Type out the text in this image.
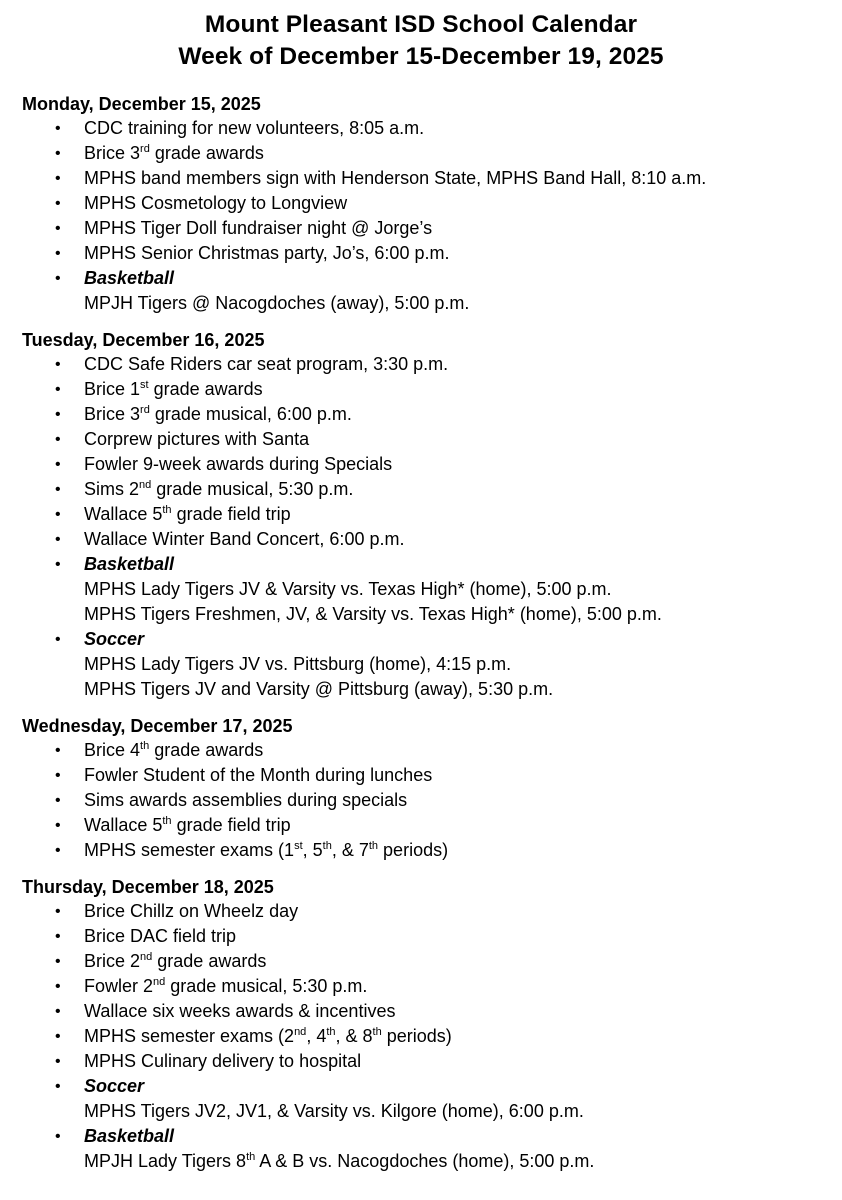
Mount Pleasant ISD School Calendar
Week of December 15-December 19, 2025
Monday, December 15, 2025
• CDC training for new volunteers, 8:05 a.m.
• Brice 3rd grade awards
• MPHS band members sign with Henderson State, MPHS Band Hall, 8:10 a.m.
• MPHS Cosmetology to Longview
• MPHS Tiger Doll fundraiser night @ Jorge’s
• MPHS Senior Christmas party, Jo’s, 6:00 p.m.
• Basketball
MPJH Tigers @ Nacogdoches (away), 5:00 p.m.
Tuesday, December 16, 2025
• CDC Safe Riders car seat program, 3:30 p.m.
• Brice 1st grade awards
• Brice 3rd grade musical, 6:00 p.m.
• Corprew pictures with Santa
• Fowler 9-week awards during Specials
• Sims 2nd grade musical, 5:30 p.m.
• Wallace 5th grade field trip
• Wallace Winter Band Concert, 6:00 p.m.
• Basketball
MPHS Lady Tigers JV & Varsity vs. Texas High* (home), 5:00 p.m.
MPHS Tigers Freshmen, JV, & Varsity vs. Texas High* (home), 5:00 p.m.
• Soccer
MPHS Lady Tigers JV vs. Pittsburg (home), 4:15 p.m.
MPHS Tigers JV and Varsity @ Pittsburg (away), 5:30 p.m.
Wednesday, December 17, 2025
• Brice 4th grade awards
• Fowler Student of the Month during lunches
• Sims awards assemblies during specials
• Wallace 5th grade field trip
• MPHS semester exams (1st, 5th, & 7th periods)
Thursday, December 18, 2025
• Brice Chillz on Wheelz day
• Brice DAC field trip
• Brice 2nd grade awards
• Fowler 2nd grade musical, 5:30 p.m.
• Wallace six weeks awards & incentives
• MPHS semester exams (2nd, 4th, & 8th periods)
• MPHS Culinary delivery to hospital
• Soccer
MPHS Tigers JV2, JV1, & Varsity vs. Kilgore (home), 6:00 p.m.
• Basketball
MPJH Lady Tigers 8th A & B vs. Nacogdoches (home), 5:00 p.m.
